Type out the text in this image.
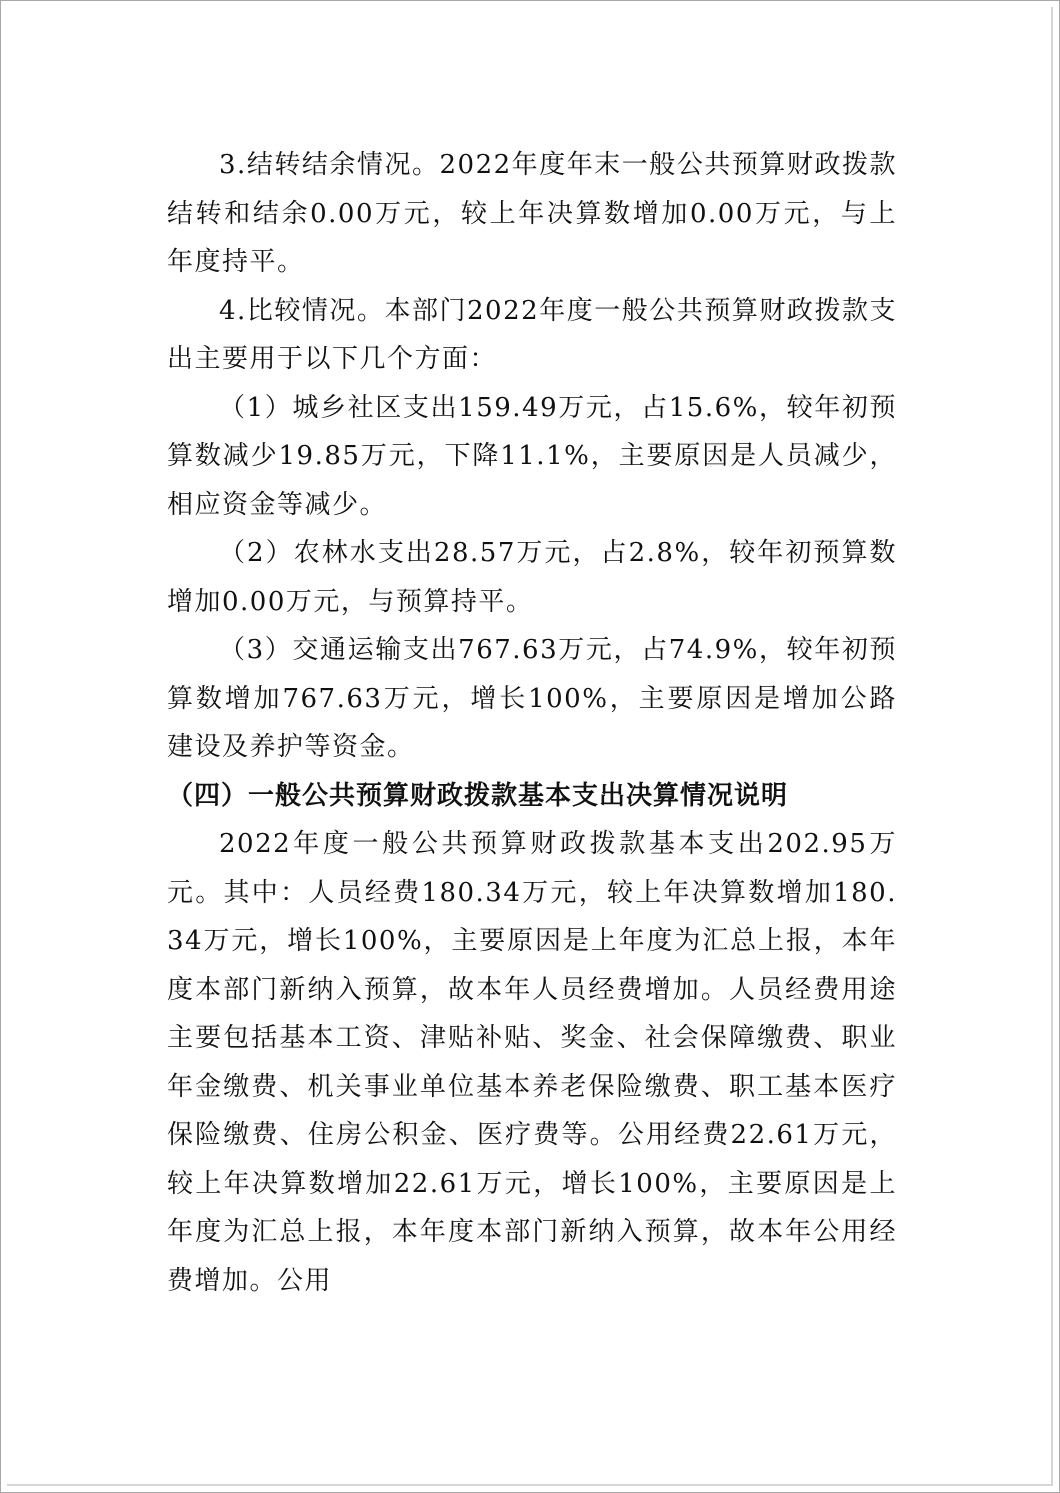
3.结转结余情况。2022年度年末一般公共预算财政拨款结转和结余0.00万元，较上年决算数增加0.00万元，与上年度持平。

4.比较情况。本部门2022年度一般公共预算财政拨款支出主要用于以下几个方面：

（1）城乡社区支出159.49万元，占15.6%，较年初预算数减少19.85万元，下降11.1%，主要原因是人员减少，相应资金等减少。

（2）农林水支出28.57万元，占2.8%，较年初预算数增加0.00万元，与预算持平。

（3）交通运输支出767.63万元，占74.9%，较年初预算数增加767.63万元，增长100%，主要原因是增加公路建设及养护等资金。

（四）一般公共预算财政拨款基本支出决算情况说明

2022年度一般公共预算财政拨款基本支出202.95万元。其中：人员经费180.34万元，较上年决算数增加180.34万元，增长100%，主要原因是上年度为汇总上报，本年度本部门新纳入预算，故本年人员经费增加。人员经费用途主要包括基本工资、津贴补贴、奖金、社会保障缴费、职业年金缴费、机关事业单位基本养老保险缴费、职工基本医疗保险缴费、住房公积金、医疗费等。公用经费22.61万元，较上年决算数增加22.61万元，增长100%，主要原因是上年度为汇总上报，本年度本部门新纳入预算，故本年公用经费增加。公用
